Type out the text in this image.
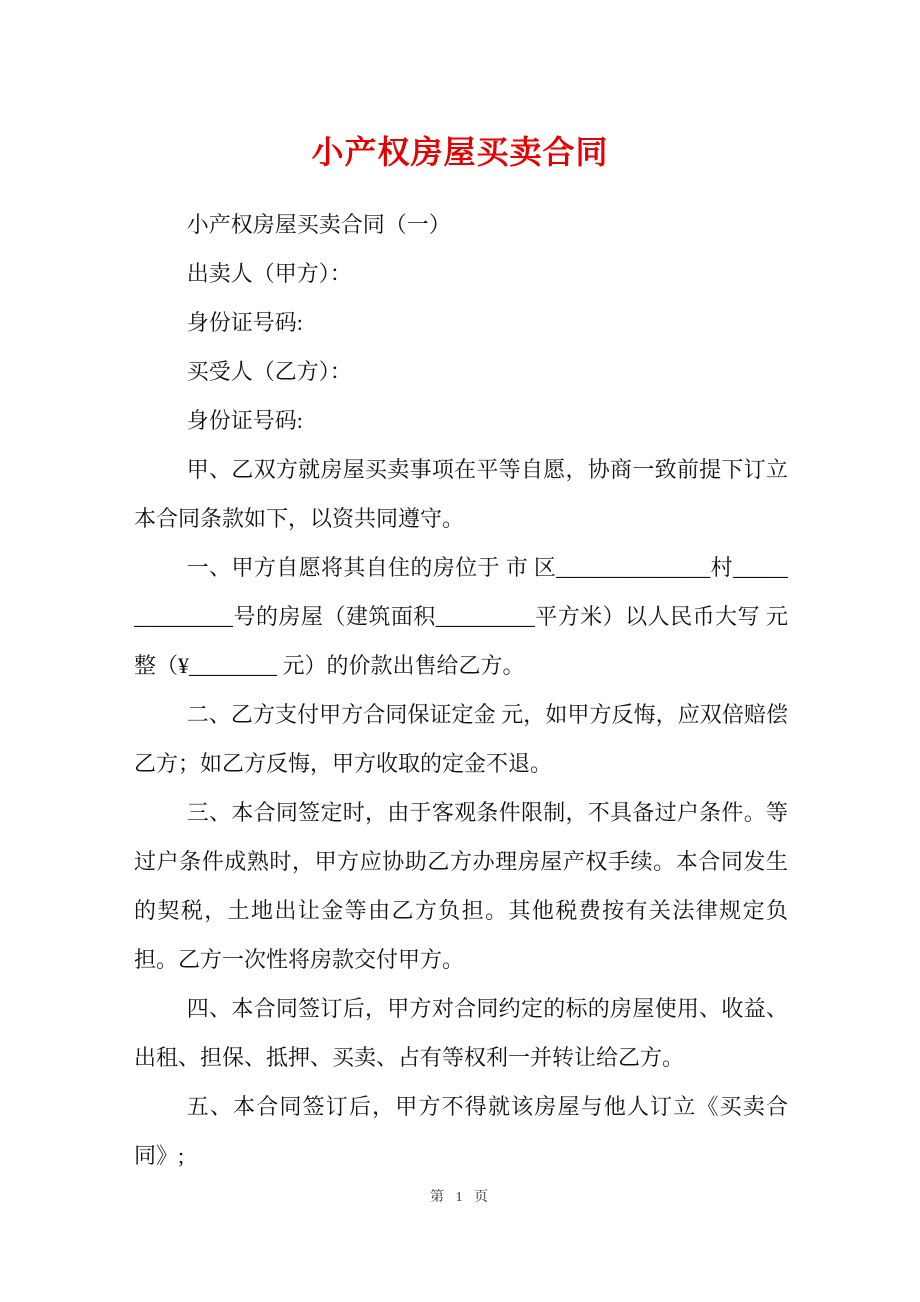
小产权房屋买卖合同

小产权房屋买卖合同（一）

出卖人（甲方）：

身份证号码:

买受人（乙方）：

身份证号码:

甲、乙双方就房屋买卖事项在平等自愿，协商一致前提下订立本合同条款如下，以资共同遵守。

一、甲方自愿将其自住的房位于 市 区______________村______________号的房屋（建筑面积_________平方米）以人民币大写 元整（¥________ 元）的价款出售给乙方。

二、乙方支付甲方合同保证定金 元，如甲方反悔，应双倍赔偿乙方；如乙方反悔，甲方收取的定金不退。

三、本合同签定时，由于客观条件限制，不具备过户条件。等过户条件成熟时，甲方应协助乙方办理房屋产权手续。本合同发生的契税，土地出让金等由乙方负担。其他税费按有关法律规定负担。乙方一次性将房款交付甲方。

四、本合同签订后，甲方对合同约定的标的房屋使用、收益、出租、担保、抵押、买卖、占有等权利一并转让给乙方。

五、本合同签订后，甲方不得就该房屋与他人订立《买卖合同》;

第 1 页
